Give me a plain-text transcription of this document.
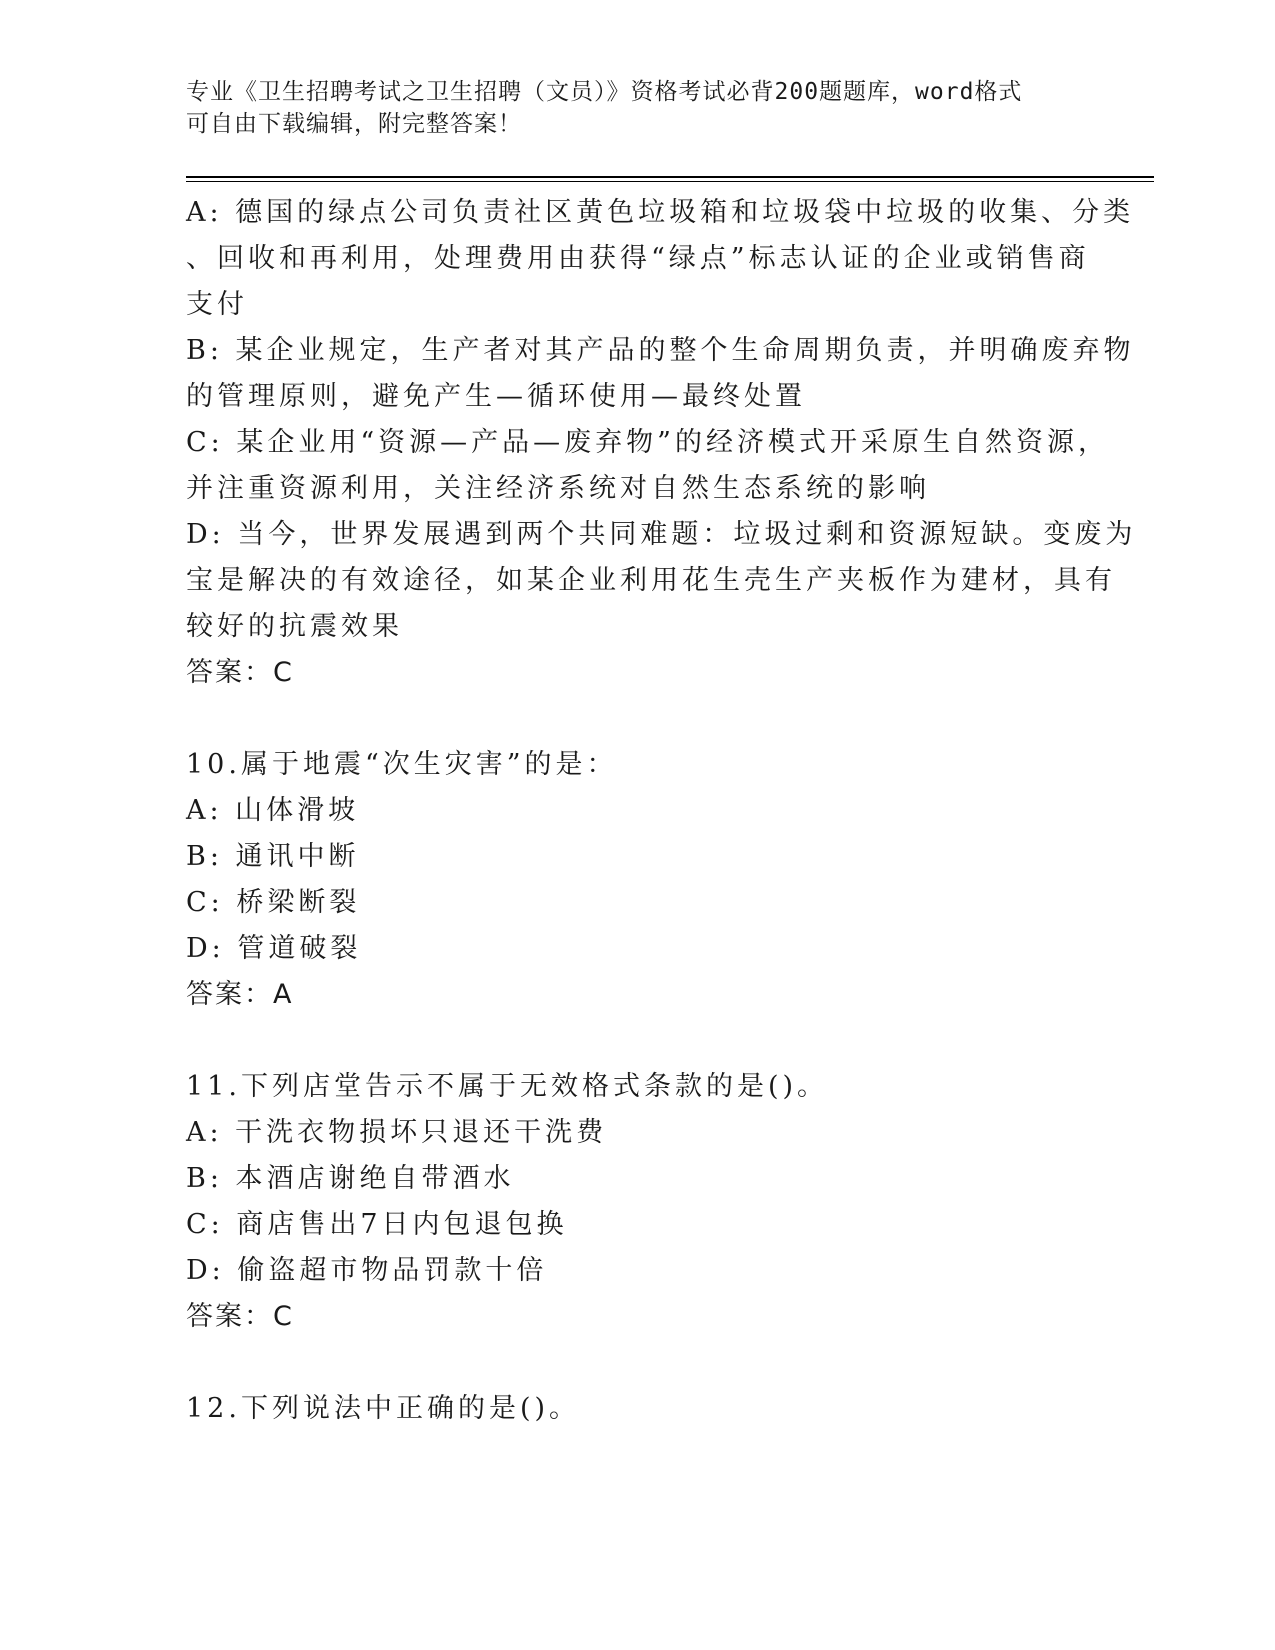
专业《卫生招聘考试之卫生招聘（文员）》资格考试必背200题题库，word格式
可自由下载编辑，附完整答案！
A: 德国的绿点公司负责社区黄色垃圾箱和垃圾袋中垃圾的收集、分类
、回收和再利用，处理费用由获得“绿点”标志认证的企业或销售商
支付
B: 某企业规定，生产者对其产品的整个生命周期负责，并明确废弃物
的管理原则，避免产生—循环使用—最终处置
C: 某企业用“资源—产品—废弃物”的经济模式开采原生自然资源，
并注重资源利用，关注经济系统对自然生态系统的影响
D: 当今，世界发展遇到两个共同难题：垃圾过剩和资源短缺。变废为
宝是解决的有效途径，如某企业利用花生壳生产夹板作为建材，具有
较好的抗震效果
答案：C
10.属于地震“次生灾害”的是：
A: 山体滑坡
B: 通讯中断
C: 桥梁断裂
D: 管道破裂
答案：A
11.下列店堂告示不属于无效格式条款的是()。
A: 干洗衣物损坏只退还干洗费
B: 本酒店谢绝自带酒水
C: 商店售出7日内包退包换
D: 偷盗超市物品罚款十倍
答案：C
12.下列说法中正确的是()。
